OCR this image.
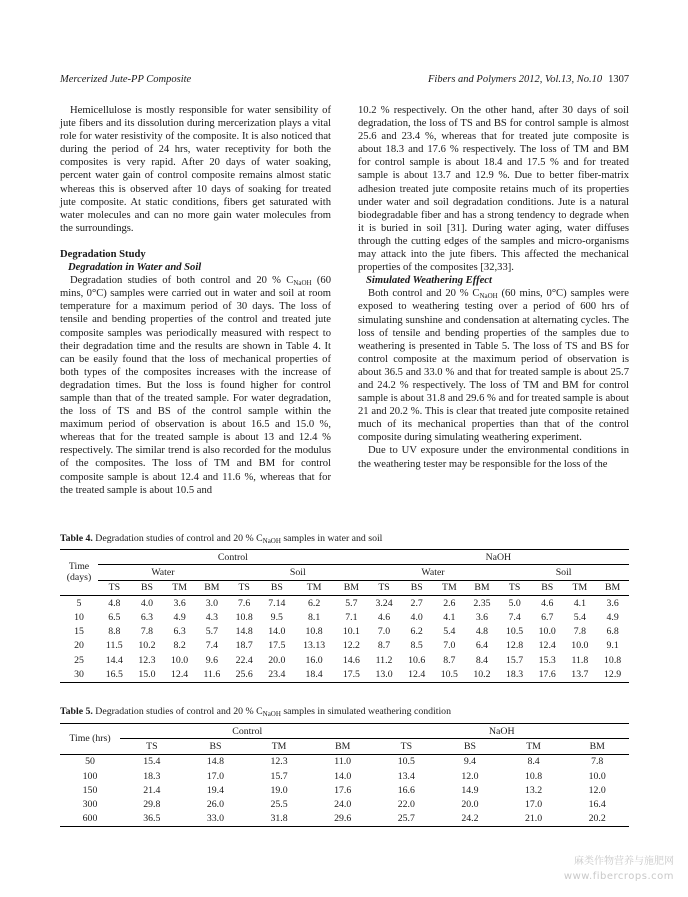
Mercerized Jute-PP Composite	Fibers and Polymers 2012, Vol.13, No.10 1307

Hemicellulose is mostly responsible for water sensibility of jute fibers and its dissolution during mercerization plays a vital role for water resistivity of the composite. It is also noticed that during the period of 24 hrs, water receptivity for both the composites is very rapid. After 20 days of water soaking, percent water gain of control composite remains almost static whereas this is observed after 10 days of soaking for treated jute composite. At static conditions, fibers get saturated with water molecules and can no more gain water molecules from the surroundings.

Degradation Study
Degradation in Water and Soil

Degradation studies of both control and 20 % $C_{NaOH}$ (60 mins, 0°C) samples were carried out in water and soil at room temperature for a maximum period of 30 days. The loss of tensile and bending properties of the control and treated jute composite samples was periodically measured with respect to their degradation time and the results are shown in Table 4. It can be easily found that the loss of mechanical properties of both types of the composites increases with the increase of degradation times. But the loss is found higher for control sample than that of the treated sample. For water degradation, the loss of TS and BS of the control sample within the maximum period of observation is about 16.5 and 15.0 %, whereas that for the treated sample is about 13 and 12.4 % respectively. The similar trend is also recorded for the modulus of the composites. The loss of TM and BM for control composite sample is about 12.4 and 11.6 %, whereas that for the treated sample is about 10.5 and

10.2 % respectively. On the other hand, after 30 days of soil degradation, the loss of TS and BS for control sample is almost 25.6 and 23.4 %, whereas that for treated jute composite is about 18.3 and 17.6 % respectively. The loss of TM and BM for control sample is about 18.4 and 17.5 % and for treated sample is about 13.7 and 12.9 %. Due to better fiber-matrix adhesion treated jute composite retains much of its properties under water and soil degradation conditions. Jute is a natural biodegradable fiber and has a strong tendency to degrade when it is buried in soil [31]. During water aging, water diffuses through the cutting edges of the samples and micro-organisms may attack into the jute fibers. This affected the mechanical properties of the composites [32,33].

Simulated Weathering Effect

Both control and 20 % $C_{NaOH}$ (60 mins, 0°C) samples were exposed to weathering testing over a period of 600 hrs of simulating sunshine and condensation at alternating cycles. The loss of tensile and bending properties of the samples due to weathering is presented in Table 5. The loss of TS and BS for control composite at the maximum period of observation is about 36.5 and 33.0 % and that for treated sample is about 25.7 and 24.2 % respectively. The loss of TM and BM for control sample is about 31.8 and 29.6 % and for treated sample is about 21 and 20.2 %. This is clear that treated jute composite retained much of its mechanical properties than that of the control composite during simulating weathering experiment.

Due to UV exposure under the environmental conditions in the weathering tester may be responsible for the loss of the

Table 4. Degradation studies of control and 20 % $C_{NaOH}$ samples in water and soil
Time (days)	Control								NaOH							
	Water				Soil				Water				Soil			
	TS	BS	TM	BM	TS	BS	TM	BM	TS	BS	TM	BM	TS	BS	TM	BM
5	4.8	4.0	3.6	3.0	7.6	7.14	6.2	5.7	3.24	2.7	2.6	2.35	5.0	4.6	4.1	3.6
10	6.5	6.3	4.9	4.3	10.8	9.5	8.1	7.1	4.6	4.0	4.1	3.6	7.4	6.7	5.4	4.9
15	8.8	7.8	6.3	5.7	14.8	14.0	10.8	10.1	7.0	6.2	5.4	4.8	10.5	10.0	7.8	6.8
20	11.5	10.2	8.2	7.4	18.7	17.5	13.13	12.2	8.7	8.5	7.0	6.4	12.8	12.4	10.0	9.1
25	14.4	12.3	10.0	9.6	22.4	20.0	16.0	14.6	11.2	10.6	8.7	8.4	15.7	15.3	11.8	10.8
30	16.5	15.0	12.4	11.6	25.6	23.4	18.4	17.5	13.0	12.4	10.5	10.2	18.3	17.6	13.7	12.9
Table 5. Degradation studies of control and 20 % $C_{NaOH}$ samples in simulated weathering condition
Time (hrs)	Control				NaOH			
	TS	BS	TM	BM	TS	BS	TM	BM
50	15.4	14.8	12.3	11.0	10.5	9.4	8.4	7.8
100	18.3	17.0	15.7	14.0	13.4	12.0	10.8	10.0
150	21.4	19.4	19.0	17.6	16.6	14.9	13.2	12.0
300	29.8	26.0	25.5	24.0	22.0	20.0	17.0	16.4
600	36.5	33.0	31.8	29.6	25.7	24.2	21.0	20.2
麻类作物营养与施肥网
www.fibercrops.com
